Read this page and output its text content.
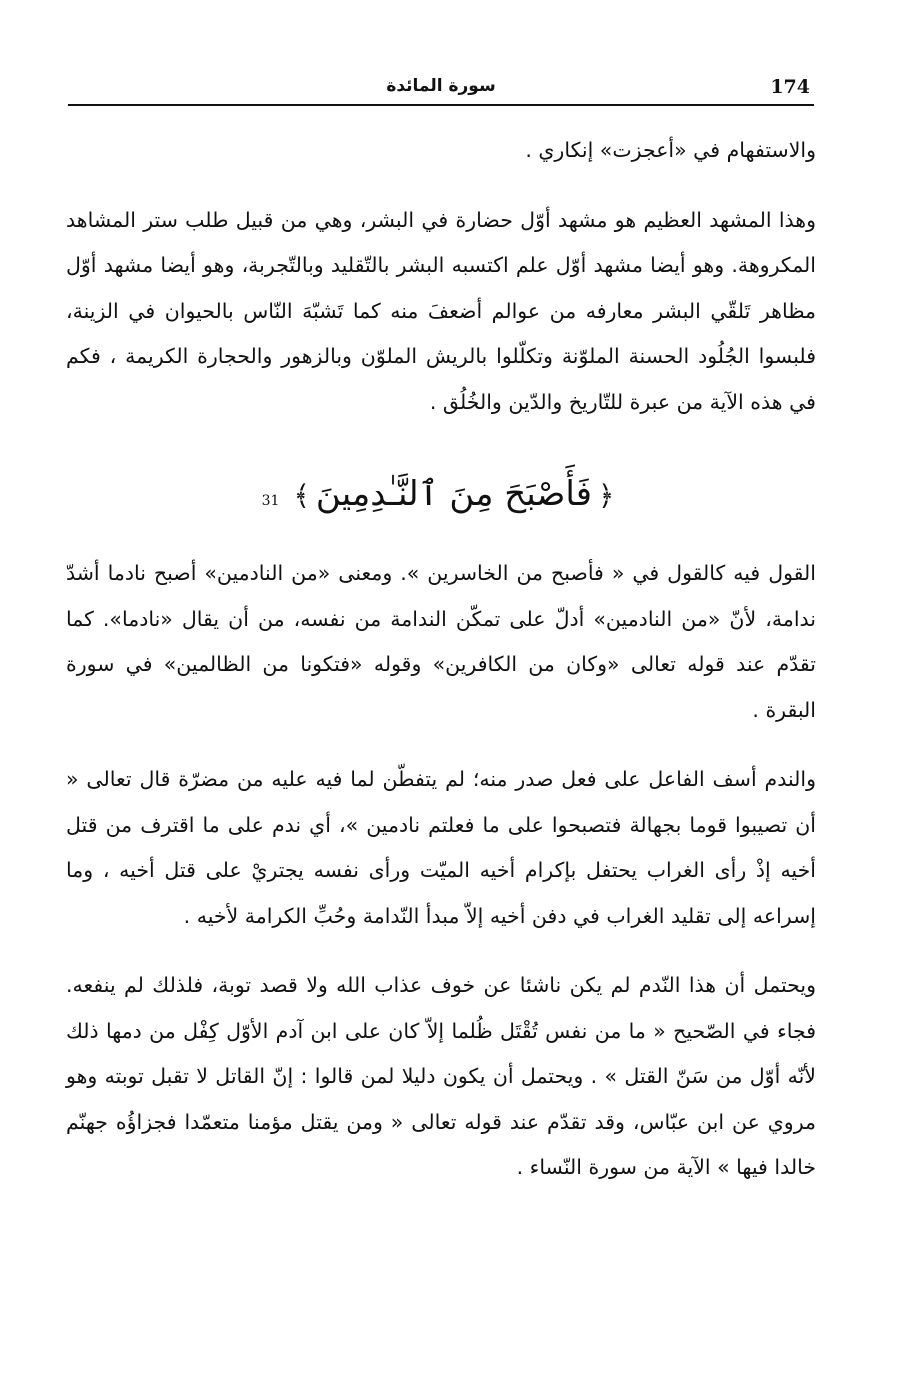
174
سورة المائدة

والاستفهام في «أعجزت» إنكاري .

وهذا المشهد العظيم هو مشهد أوّل حضارة في البشر، وهي من قبيل طلب ستر المشاهد المكروهة. وهو أيضا مشهد أوّل علم اكتسبه البشر بالتّقليد وبالتّجربة، وهو أيضا مشهد أوّل مظاهر تَلقّي البشر معارفه من عوالم أضعفَ منه كما تَشبّهَ النّاس بالحيوان في الزينة، فلبسوا الجُلُود الحسنة الملوّنة وتكلّلوا بالريش الملوّن وبالزهور والحجارة الكريمة ، فكم في هذه الآية من عبرة للتّاريخ والدّين والخُلُق .

﴿فَأَصْبَحَ مِنَ ٱلنَّـٰدِمِينَ﴾31

القول فيه كالقول في « فأصبح من الخاسرين ». ومعنى «من النادمين» أصبح نادما أشدّ ندامة، لأنّ «من النادمين» أدلّ على تمكّن الندامة من نفسه، من أن يقال «نادما». كما تقدّم عند قوله تعالى «وكان من الكافرين» وقوله «فتكونا من الظالمين» في سورة البقرة .

والندم أسف الفاعل على فعل صدر منه؛ لم يتفطّن لما فيه عليه من مضرّة قال تعالى « أن تصيبوا قوما بجهالة فتصبحوا على ما فعلتم نادمين »، أي ندم على ما اقترف من قتل أخيه إذْ رأى الغراب يحتفل بإكرام أخيه الميّت ورأى نفسه يجتريْ على قتل أخيه ، وما إسراعه إلى تقليد الغراب في دفن أخيه إلاّ مبدأ النّدامة وحُبِّ الكرامة لأخيه .

ويحتمل أن هذا النّدم لم يكن ناشئا عن خوف عذاب الله ولا قصد توبة، فلذلك لم ينفعه. فجاء في الصّحيح « ما من نفس تُقْتَل ظُلما إلاّ كان على ابن آدم الأوّل كِفْل من دمها ذلك لأنّه أوّل من سَنّ القتل » . ويحتمل أن يكون دليلا لمن قالوا : إنّ القاتل لا تقبل توبته وهو مروي عن ابن عبّاس، وقد تقدّم عند قوله تعالى « ومن يقتل مؤمنا متعمّدا فجزاؤُه جهنّم خالدا فيها » الآية من سورة النّساء .
